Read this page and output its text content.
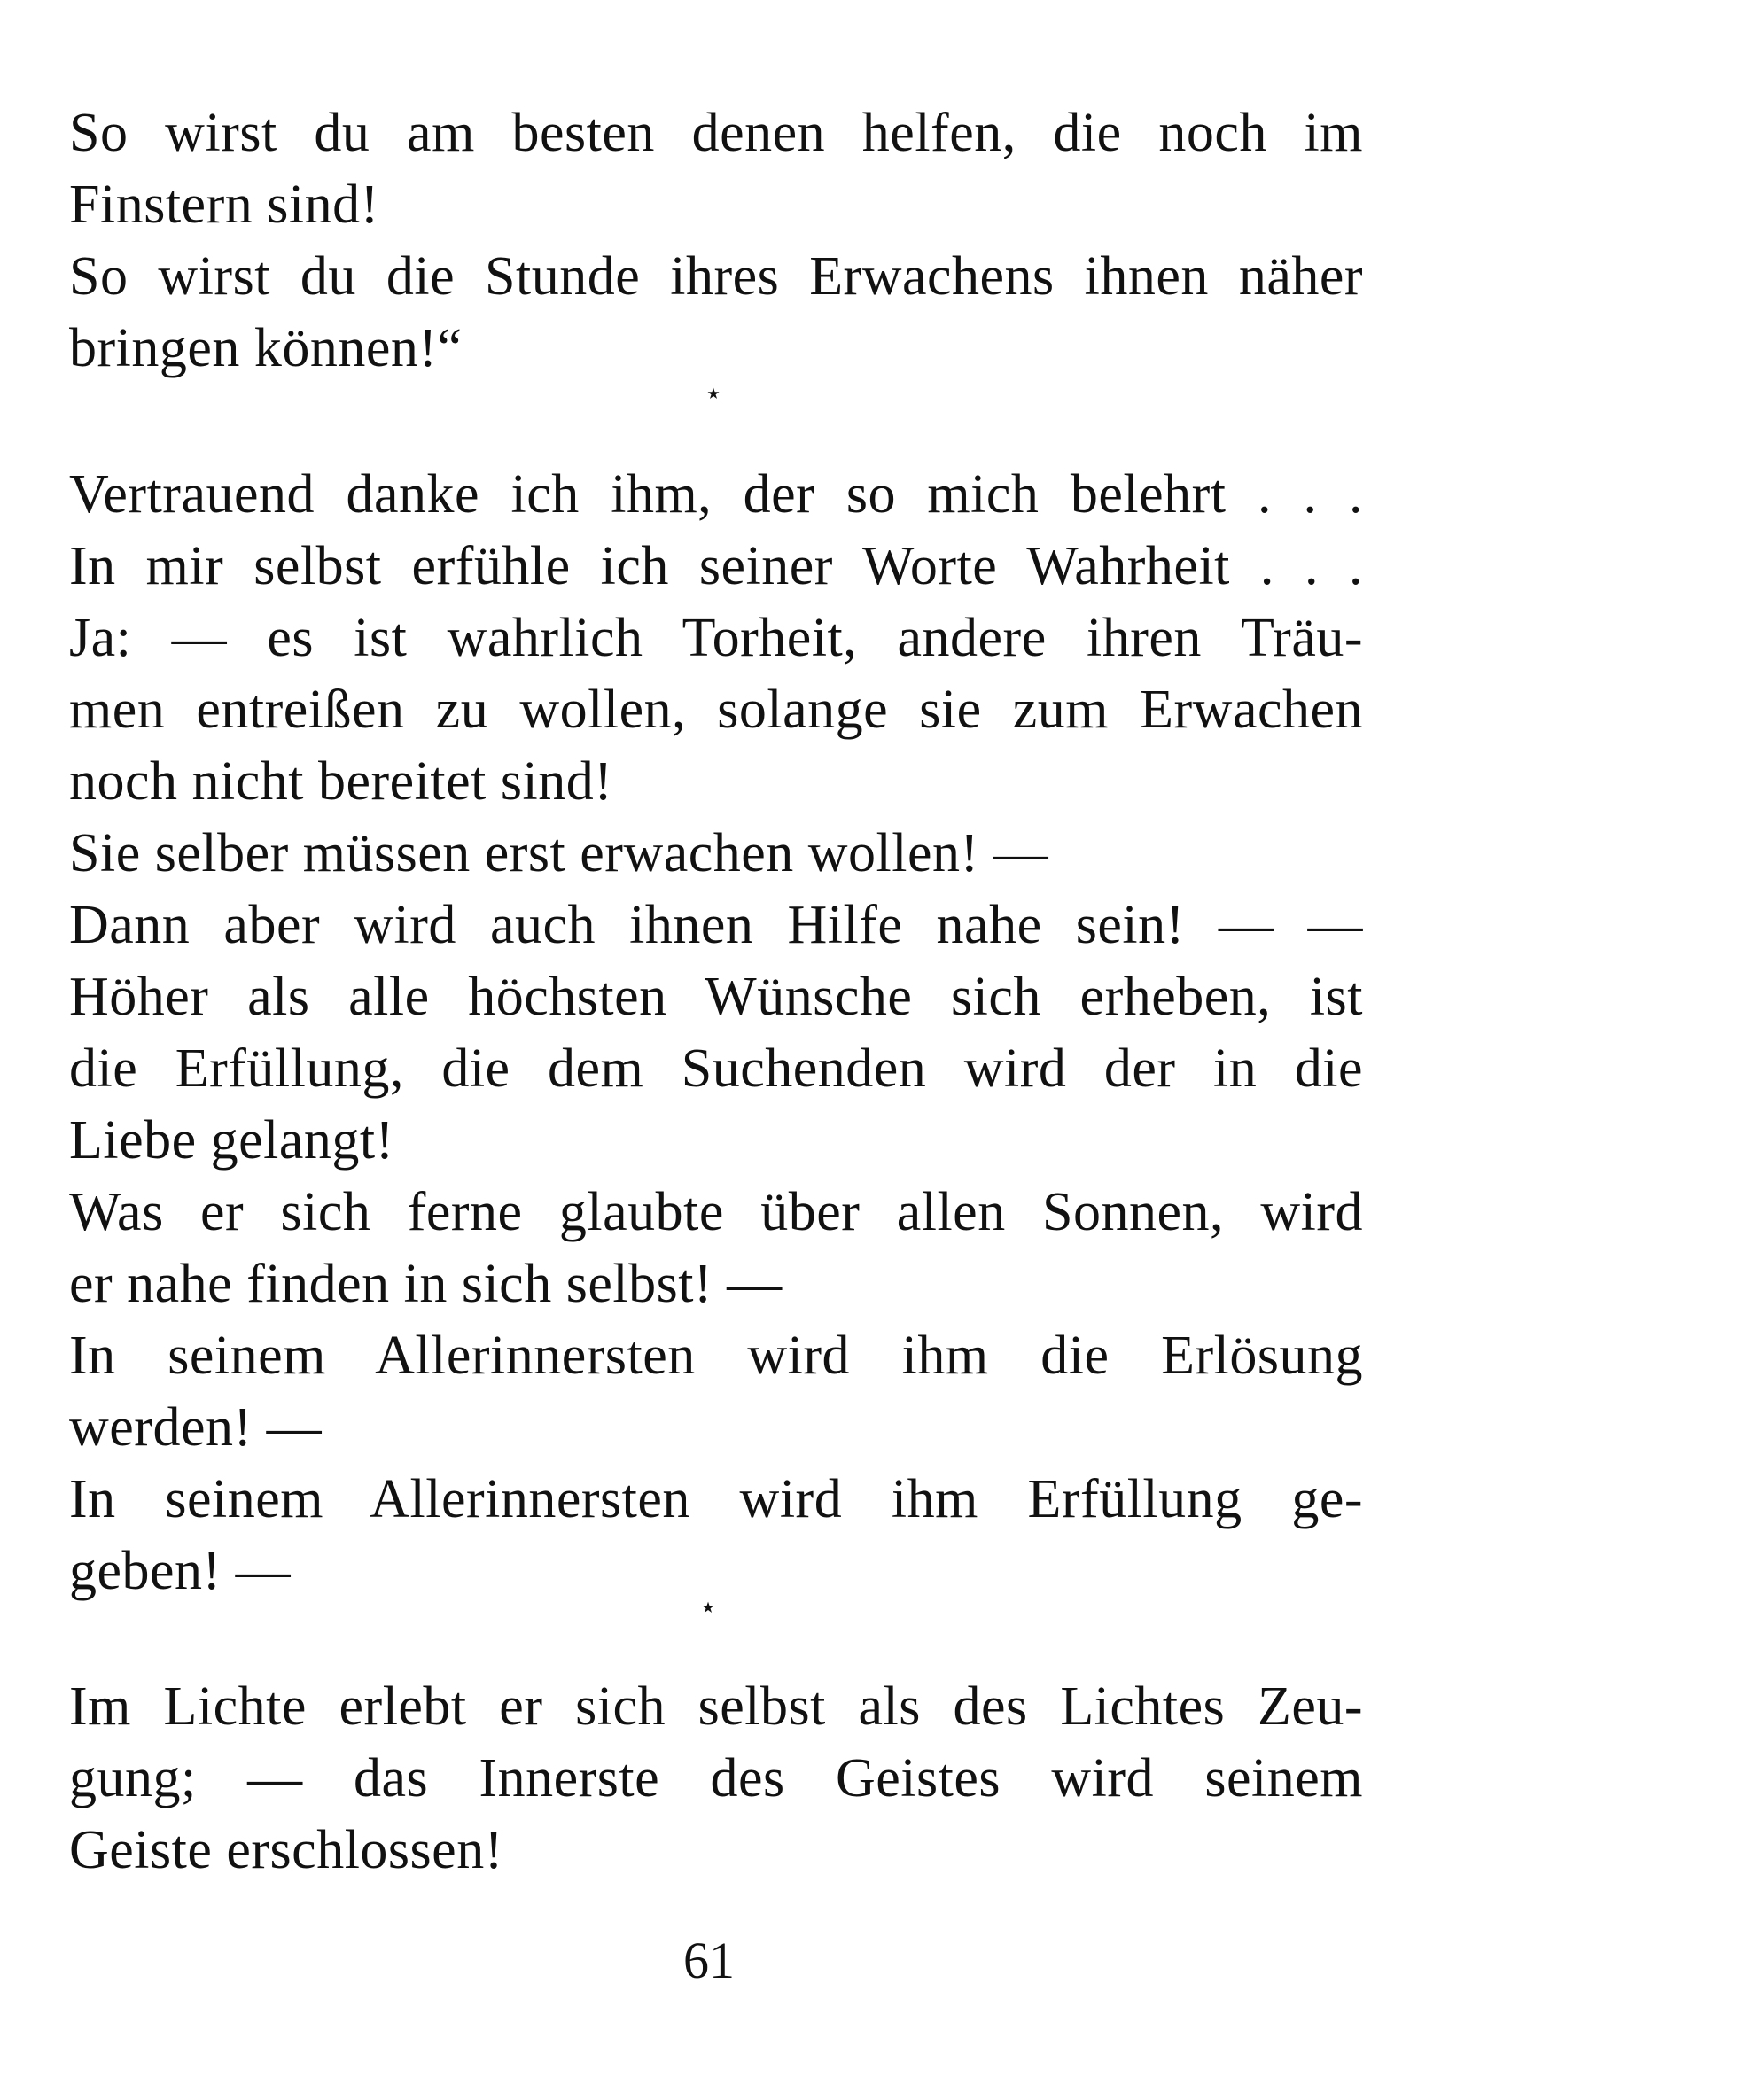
So wirst du am besten denen helfen, die noch im
Finstern sind!
So wirst du die Stunde ihres Erwachens ihnen näher
bringen können!“
⋆
Vertrauend danke ich ihm, der so mich belehrt . . .
In mir selbst erfühle ich seiner Worte Wahrheit . . .
Ja: — es ist wahrlich Torheit, andere ihren Träu-
men entreißen zu wollen, solange sie zum Erwachen
noch nicht bereitet sind!
Sie selber müssen erst erwachen wollen! —
Dann aber wird auch ihnen Hilfe nahe sein! — —
Höher als alle höchsten Wünsche sich erheben, ist
die Erfüllung, die dem Suchenden wird der in die
Liebe gelangt!
Was er sich ferne glaubte über allen Sonnen, wird
er nahe finden in sich selbst! —
In seinem Allerinnersten wird ihm die Erlösung
werden! —
In seinem Allerinnersten wird ihm Erfüllung ge-
geben! —
⋆
Im Lichte erlebt er sich selbst als des Lichtes Zeu-
gung; — das Innerste des Geistes wird seinem
Geiste erschlossen!
61
